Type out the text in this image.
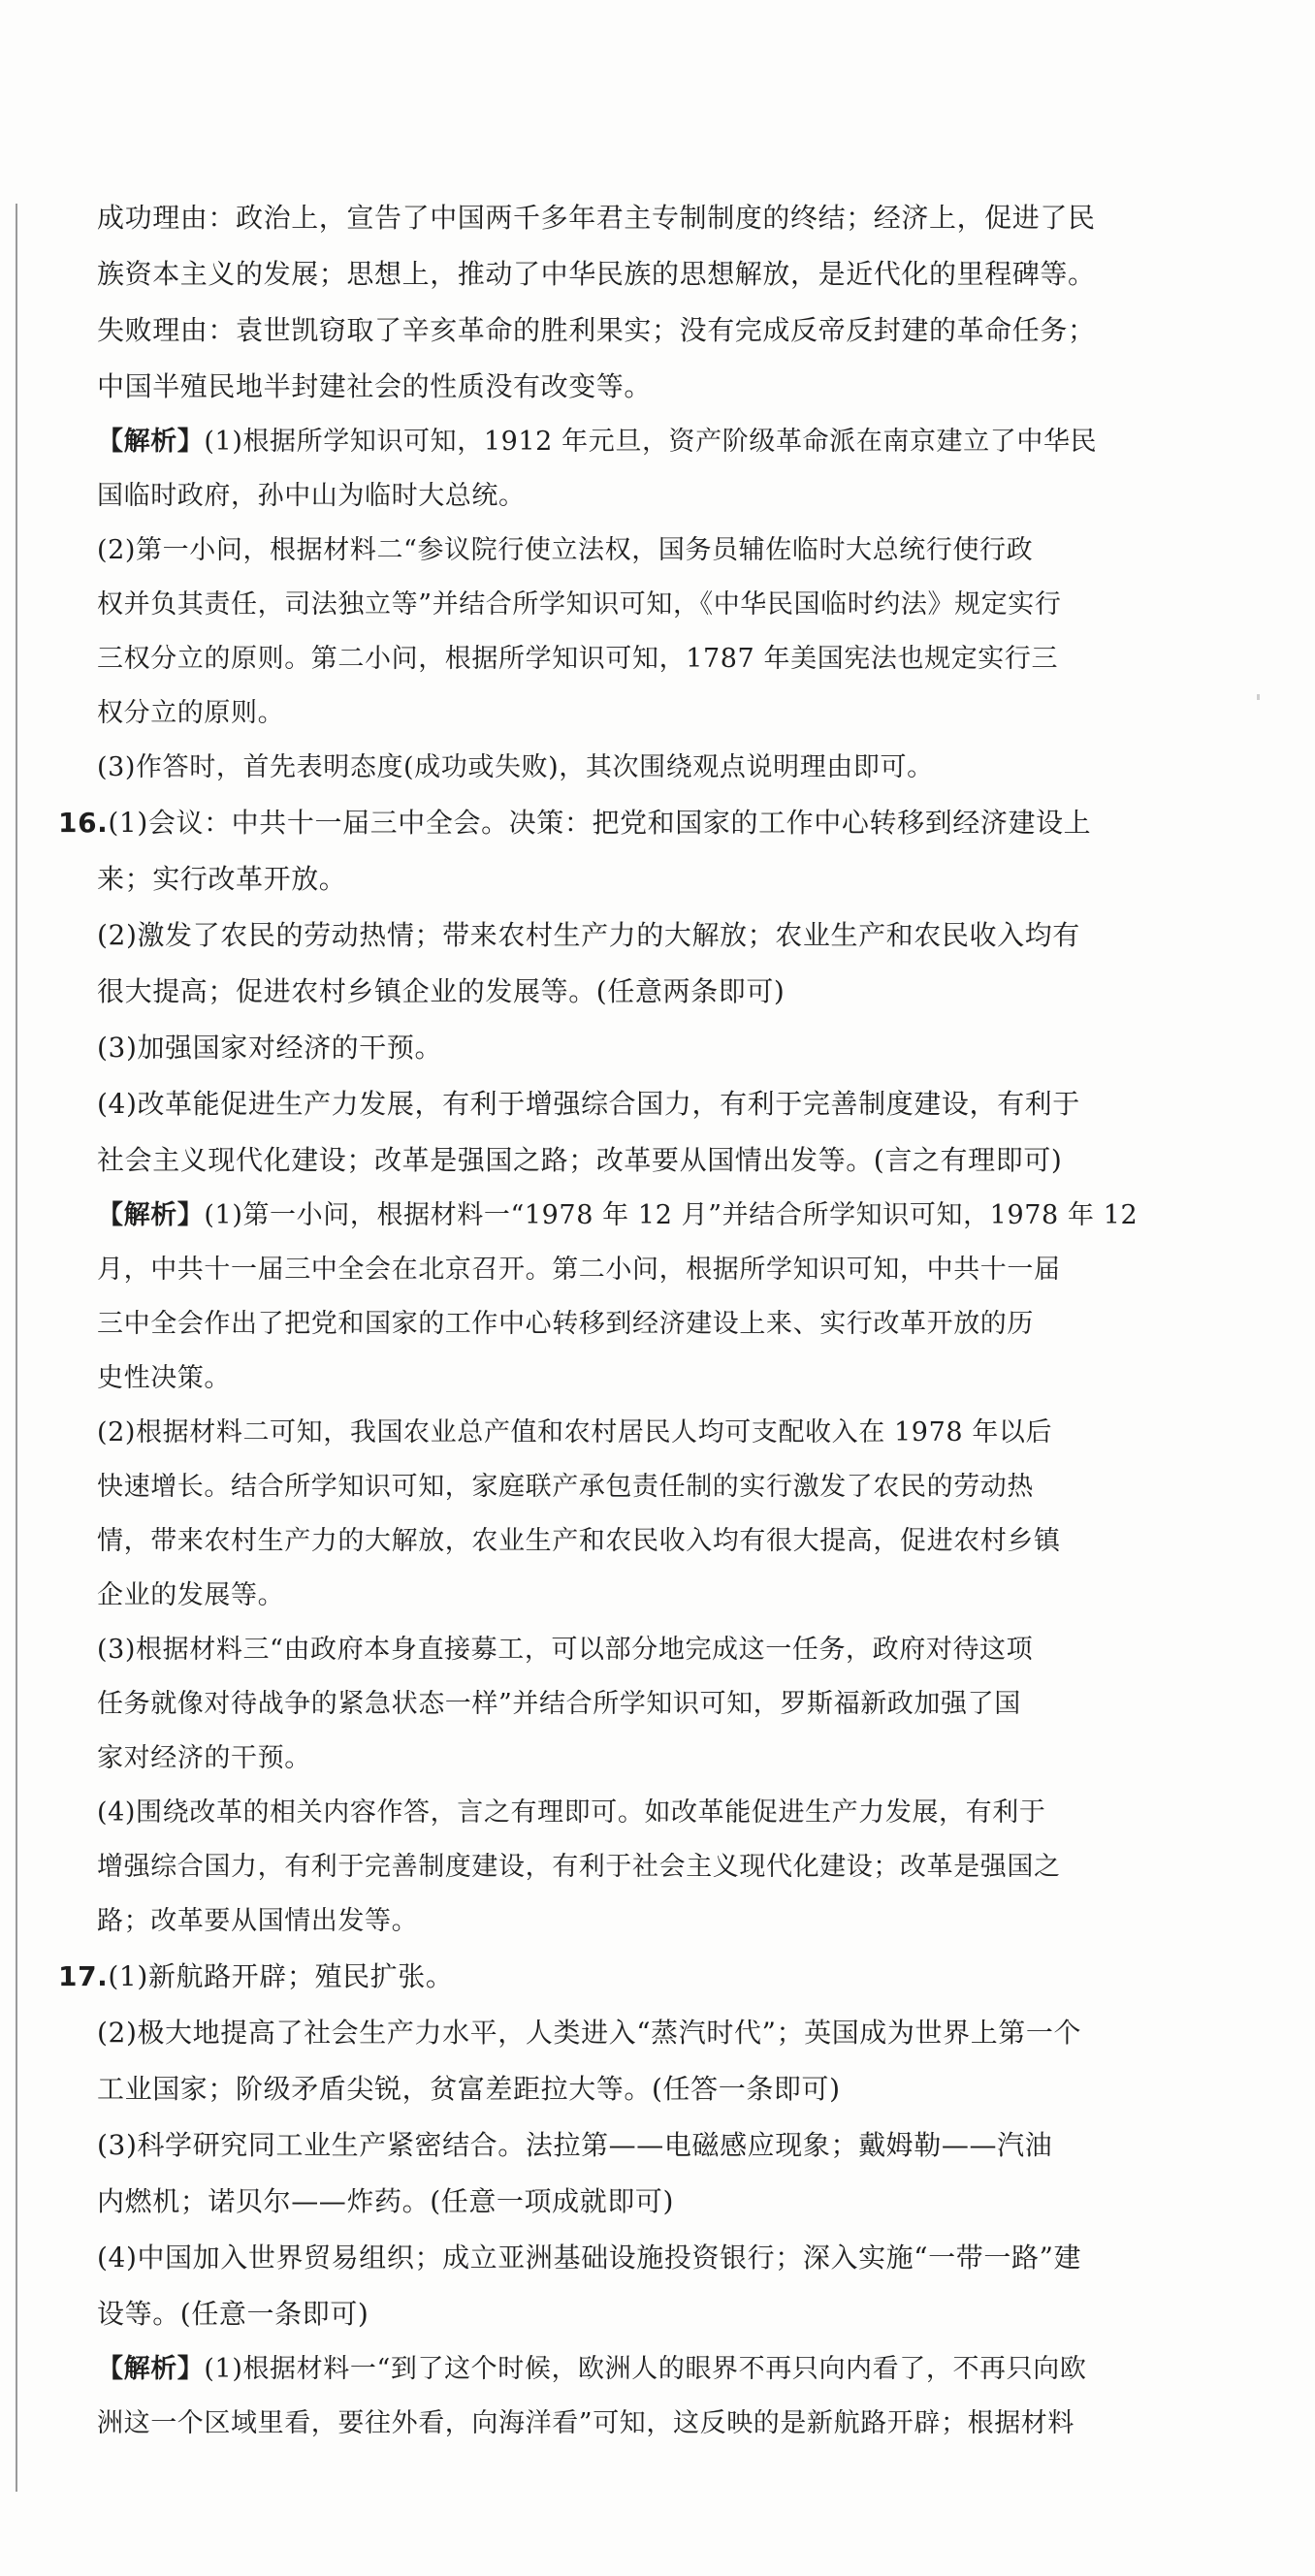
成功理由：政治上，宣告了中国两千多年君主专制制度的终结；经济上，促进了民
族资本主义的发展；思想上，推动了中华民族的思想解放，是近代化的里程碑等。
失败理由：袁世凯窃取了辛亥革命的胜利果实；没有完成反帝反封建的革命任务；
中国半殖民地半封建社会的性质没有改变等。
【解析】(1)根据所学知识可知，1912 年元旦，资产阶级革命派在南京建立了中华民
国临时政府，孙中山为临时大总统。
(2)第一小问，根据材料二“参议院行使立法权，国务员辅佐临时大总统行使行政
权并负其责任，司法独立等”并结合所学知识可知，《中华民国临时约法》规定实行
三权分立的原则。第二小问，根据所学知识可知，1787 年美国宪法也规定实行三
权分立的原则。
(3)作答时，首先表明态度(成功或失败)，其次围绕观点说明理由即可。
16.(1)会议：中共十一届三中全会。决策：把党和国家的工作中心转移到经济建设上
来；实行改革开放。
(2)激发了农民的劳动热情；带来农村生产力的大解放；农业生产和农民收入均有
很大提高；促进农村乡镇企业的发展等。(任意两条即可)
(3)加强国家对经济的干预。
(4)改革能促进生产力发展，有利于增强综合国力，有利于完善制度建设，有利于
社会主义现代化建设；改革是强国之路；改革要从国情出发等。(言之有理即可)
【解析】(1)第一小问，根据材料一“1978 年 12 月”并结合所学知识可知，1978 年 12
月，中共十一届三中全会在北京召开。第二小问，根据所学知识可知，中共十一届
三中全会作出了把党和国家的工作中心转移到经济建设上来、实行改革开放的历
史性决策。
(2)根据材料二可知，我国农业总产值和农村居民人均可支配收入在 1978 年以后
快速增长。结合所学知识可知，家庭联产承包责任制的实行激发了农民的劳动热
情，带来农村生产力的大解放，农业生产和农民收入均有很大提高，促进农村乡镇
企业的发展等。
(3)根据材料三“由政府本身直接募工，可以部分地完成这一任务，政府对待这项
任务就像对待战争的紧急状态一样”并结合所学知识可知，罗斯福新政加强了国
家对经济的干预。
(4)围绕改革的相关内容作答，言之有理即可。如改革能促进生产力发展，有利于
增强综合国力，有利于完善制度建设，有利于社会主义现代化建设；改革是强国之
路；改革要从国情出发等。
17.(1)新航路开辟；殖民扩张。
(2)极大地提高了社会生产力水平，人类进入“蒸汽时代”；英国成为世界上第一个
工业国家；阶级矛盾尖锐，贫富差距拉大等。(任答一条即可)
(3)科学研究同工业生产紧密结合。法拉第——电磁感应现象；戴姆勒——汽油
内燃机；诺贝尔——炸药。(任意一项成就即可)
(4)中国加入世界贸易组织；成立亚洲基础设施投资银行；深入实施“一带一路”建
设等。(任意一条即可)
【解析】(1)根据材料一“到了这个时候，欧洲人的眼界不再只向内看了，不再只向欧
洲这一个区域里看，要往外看，向海洋看”可知，这反映的是新航路开辟；根据材料
